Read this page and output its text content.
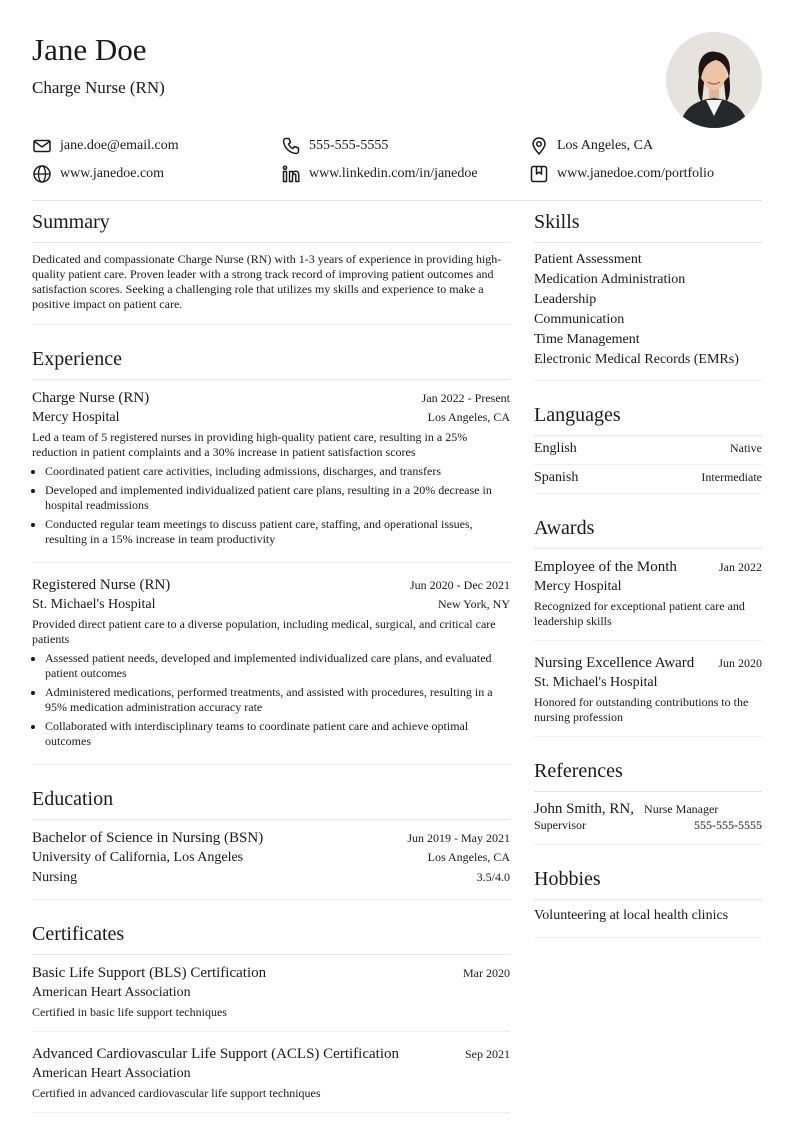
Jane Doe
Charge Nurse (RN)
jane.doe@email.com	555-555-5555	Los Angeles, CA
www.janedoe.com	www.linkedin.com/in/janedoe	www.janedoe.com/portfolio
Summary
Dedicated and compassionate Charge Nurse (RN) with 1-3 years of experience in providing high-quality patient care. Proven leader with a strong track record of improving patient outcomes and satisfaction scores. Seeking a challenging role that utilizes my skills and experience to make a positive impact on patient care.
Experience
Charge Nurse (RN)	Jan 2022 - Present
Mercy Hospital	Los Angeles, CA
Led a team of 5 registered nurses in providing high-quality patient care, resulting in a 25% reduction in patient complaints and a 30% increase in patient satisfaction scores
• Coordinated patient care activities, including admissions, discharges, and transfers
• Developed and implemented individualized patient care plans, resulting in a 20% decrease in hospital readmissions
• Conducted regular team meetings to discuss patient care, staffing, and operational issues, resulting in a 15% increase in team productivity
Registered Nurse (RN)	Jun 2020 - Dec 2021
St. Michael's Hospital	New York, NY
Provided direct patient care to a diverse population, including medical, surgical, and critical care patients
• Assessed patient needs, developed and implemented individualized care plans, and evaluated patient outcomes
• Administered medications, performed treatments, and assisted with procedures, resulting in a 95% medication administration accuracy rate
• Collaborated with interdisciplinary teams to coordinate patient care and achieve optimal outcomes
Education
Bachelor of Science in Nursing (BSN)	Jun 2019 - May 2021
University of California, Los Angeles	Los Angeles, CA
Nursing	3.5/4.0
Certificates
Basic Life Support (BLS) Certification	Mar 2020
American Heart Association
Certified in basic life support techniques
Advanced Cardiovascular Life Support (ACLS) Certification	Sep 2021
American Heart Association
Certified in advanced cardiovascular life support techniques
Skills
Patient Assessment
Medication Administration
Leadership
Communication
Time Management
Electronic Medical Records (EMRs)
Languages
English	Native
Spanish	Intermediate
Awards
Employee of the Month	Jan 2022
Mercy Hospital
Recognized for exceptional patient care and leadership skills
Nursing Excellence Award Jun 2020
St. Michael's Hospital
Honored for outstanding contributions to the nursing profession
References
John Smith, RN, Nurse Manager
Supervisor	555-555-5555
Hobbies
Volunteering at local health clinics
